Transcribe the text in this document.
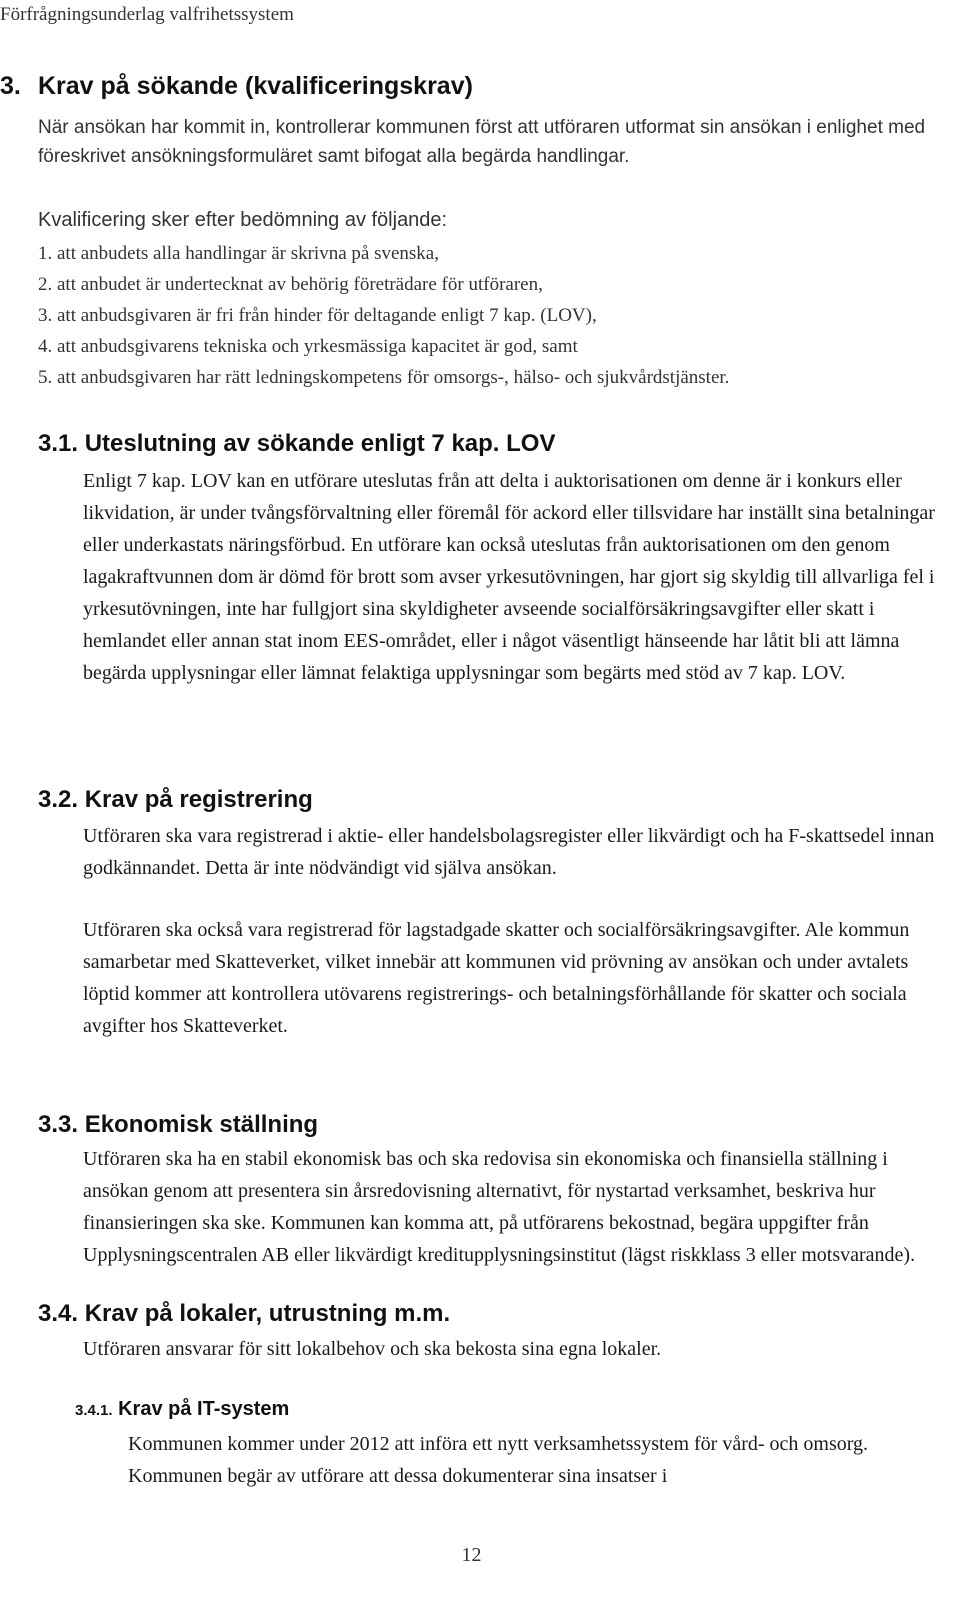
Förfrågningsunderlag valfrihetssystem
3. Krav på sökande (kvalificeringskrav)
När ansökan har kommit in, kontrollerar kommunen först att utföraren utformat sin ansökan i enlighet med föreskrivet ansökningsformuläret samt bifogat alla begärda handlingar.
Kvalificering sker efter bedömning av följande:
1. att anbudets alla handlingar är skrivna på svenska,
2. att anbudet är undertecknat av behörig företrädare för utföraren,
3. att anbudsgivaren är fri från hinder för deltagande enligt 7 kap. (LOV),
4. att anbudsgivarens tekniska och yrkesmässiga kapacitet är god, samt
5. att anbudsgivaren har rätt ledningskompetens för omsorgs-, hälso- och sjukvårdstjänster.
3.1. Uteslutning av sökande enligt 7 kap. LOV

Enligt 7 kap. LOV kan en utförare uteslutas från att delta i auktorisationen om denne är i konkurs eller likvidation, är under tvångsförvaltning eller föremål för ackord eller tillsvidare har inställt sina betalningar eller underkastats näringsförbud. En utförare kan också uteslutas från auktorisationen om den genom lagakraftvunnen dom är dömd för brott som avser yrkesutövningen, har gjort sig skyldig till allvarliga fel i yrkesutövningen, inte har fullgjort sina skyldigheter avseende socialförsäkringsavgifter eller skatt i hemlandet eller annan stat inom EES-området, eller i något väsentligt hänseende har låtit bli att lämna begärda upplysningar eller lämnat felaktiga upplysningar som begärts med stöd av 7 kap. LOV.

3.2. Krav på registrering

Utföraren ska vara registrerad i aktie- eller handelsbolagsregister eller likvärdigt och ha F-skattsedel innan godkännandet. Detta är inte nödvändigt vid själva ansökan.

Utföraren ska också vara registrerad för lagstadgade skatter och socialförsäkringsavgifter. Ale kommun samarbetar med Skatteverket, vilket innebär att kommunen vid prövning av ansökan och under avtalets löptid kommer att kontrollera utövarens registrerings- och betalningsförhållande för skatter och sociala avgifter hos Skatteverket.

3.3. Ekonomisk ställning

Utföraren ska ha en stabil ekonomisk bas och ska redovisa sin ekonomiska och finansiella ställning i ansökan genom att presentera sin årsredovisning alternativt, för nystartad verksamhet, beskriva hur finansieringen ska ske. Kommunen kan komma att, på utförarens bekostnad, begära uppgifter från Upplysningscentralen AB eller likvärdigt kreditupplysningsinstitut (lägst riskklass 3 eller motsvarande).

3.4. Krav på lokaler, utrustning m.m.

Utföraren ansvarar för sitt lokalbehov och ska bekosta sina egna lokaler.

3.4.1. Krav på IT-system

Kommunen kommer under 2012 att införa ett nytt verksamhetssystem för vård- och omsorg. Kommunen begär av utförare att dessa dokumenterar sina insatser i

12
